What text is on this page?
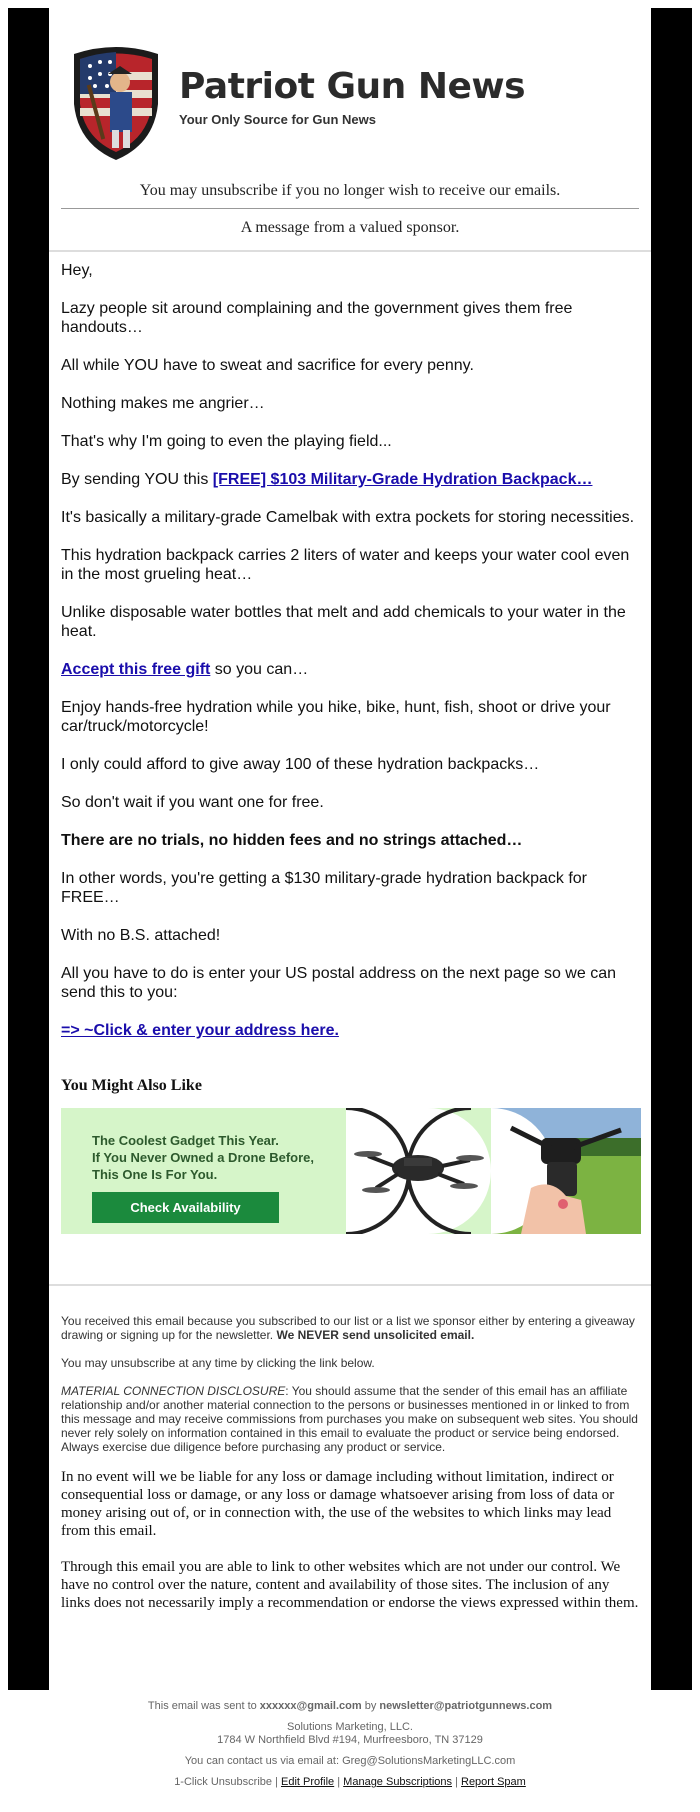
Patriot Gun News
Your Only Source for Gun News
You may unsubscribe if you no longer wish to receive our emails.
A message from a valued sponsor.

Hey,

Lazy people sit around complaining and the government gives them free handouts…

All while YOU have to sweat and sacrifice for every penny.

Nothing makes me angrier…

That's why I'm going to even the playing field...

By sending YOU this [FREE] $103 Military-Grade Hydration Backpack…

It's basically a military-grade Camelbak with extra pockets for storing necessities.

This hydration backpack carries 2 liters of water and keeps your water cool even in the most grueling heat…

Unlike disposable water bottles that melt and add chemicals to your water in the heat.

Accept this free gift so you can…

Enjoy hands-free hydration while you hike, bike, hunt, fish, shoot or drive your car/truck/motorcycle!

I only could afford to give away 100 of these hydration backpacks…

So don't wait if you want one for free.

There are no trials, no hidden fees and no strings attached…

In other words, you're getting a $130 military-grade hydration backpack for FREE…

With no B.S. attached!

All you have to do is enter your US postal address on the next page so we can send this to you:

=> ~Click & enter your address here.

You Might Also Like
The Coolest Gadget This Year.
If You Never Owned a Drone Before,
This One Is For You.
Check Availability

You received this email because you subscribed to our list or a list we sponsor either by entering a giveaway drawing or signing up for the newsletter. We NEVER send unsolicited email.

You may unsubscribe at any time by clicking the link below.

MATERIAL CONNECTION DISCLOSURE: You should assume that the sender of this email has an affiliate relationship and/or another material connection to the persons or businesses mentioned in or linked to from this message and may receive commissions from purchases you make on subsequent web sites. You should never rely solely on information contained in this email to evaluate the product or service being endorsed. Always exercise due diligence before purchasing any product or service.

In no event will we be liable for any loss or damage including without limitation, indirect or consequential loss or damage, or any loss or damage whatsoever arising from loss of data or money arising out of, or in connection with, the use of the websites to which links may lead from this email.

Through this email you are able to link to other websites which are not under our control. We have no control over the nature, content and availability of those sites. The inclusion of any links does not necessarily imply a recommendation or endorse the views expressed within them.

This email was sent to xxxxxx@gmail.com by newsletter@patriotgunnews.com
Solutions Marketing, LLC.
1784 W Northfield Blvd #194, Murfreesboro, TN 37129
You can contact us via email at: Greg@SolutionsMarketingLLC.com
1-Click Unsubscribe | Edit Profile | Manage Subscriptions | Report Spam
